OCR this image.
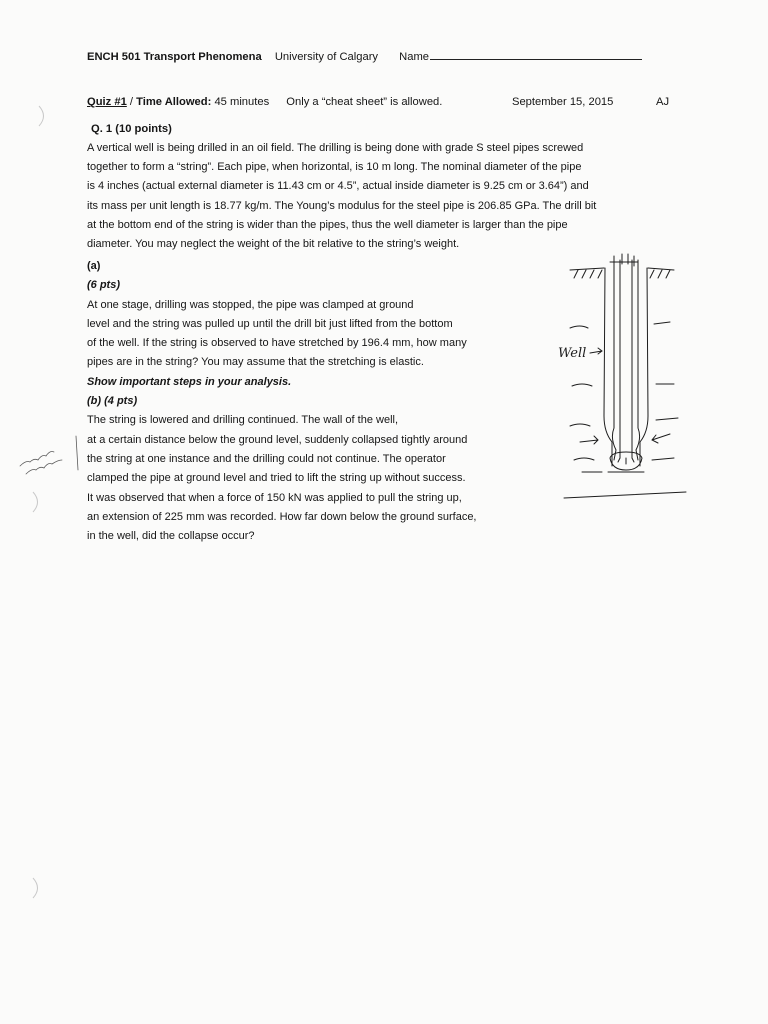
ENCH 501 Transport Phenomena University of Calgary Name
Quiz #1 / Time Allowed: 45 minutes Only a “cheat sheet” is allowed.	September 15, 2015	AJ
Q. 1 (10 points)

A vertical well is being drilled in an oil field. The drilling is being done with grade S steel pipes screwed
together to form a “string”. Each pipe, when horizontal, is 10 m long. The nominal diameter of the pipe
is 4 inches (actual external diameter is 11.43 cm or 4.5”, actual inside diameter is 9.25 cm or 3.64”) and
its mass per unit length is 18.77 kg/m. The Young’s modulus for the steel pipe is 206.85 GPa. The drill bit
at the bottom end of the string is wider than the pipes, thus the well diameter is larger than the pipe
diameter. You may neglect the weight of the bit relative to the string’s weight.

(a)
(6 pts)
At one stage, drilling was stopped, the pipe was clamped at ground
level and the string was pulled up until the drill bit just lifted from the bottom
of the well. If the string is observed to have stretched by 196.4 mm, how many
pipes are in the string? You may assume that the stretching is elastic.
Show important steps in your analysis.
(b) (4 pts)
The string is lowered and drilling continued. The wall of the well,
at a certain distance below the ground level, suddenly collapsed tightly around
the string at one instance and the drilling could not continue. The operator
clamped the pipe at ground level and tried to lift the string up without success.
It was observed that when a force of 150 kN was applied to pull the string up,
an extension of 225 mm was recorded. How far down below the ground surface,
in the well, did the collapse occur?

Well
